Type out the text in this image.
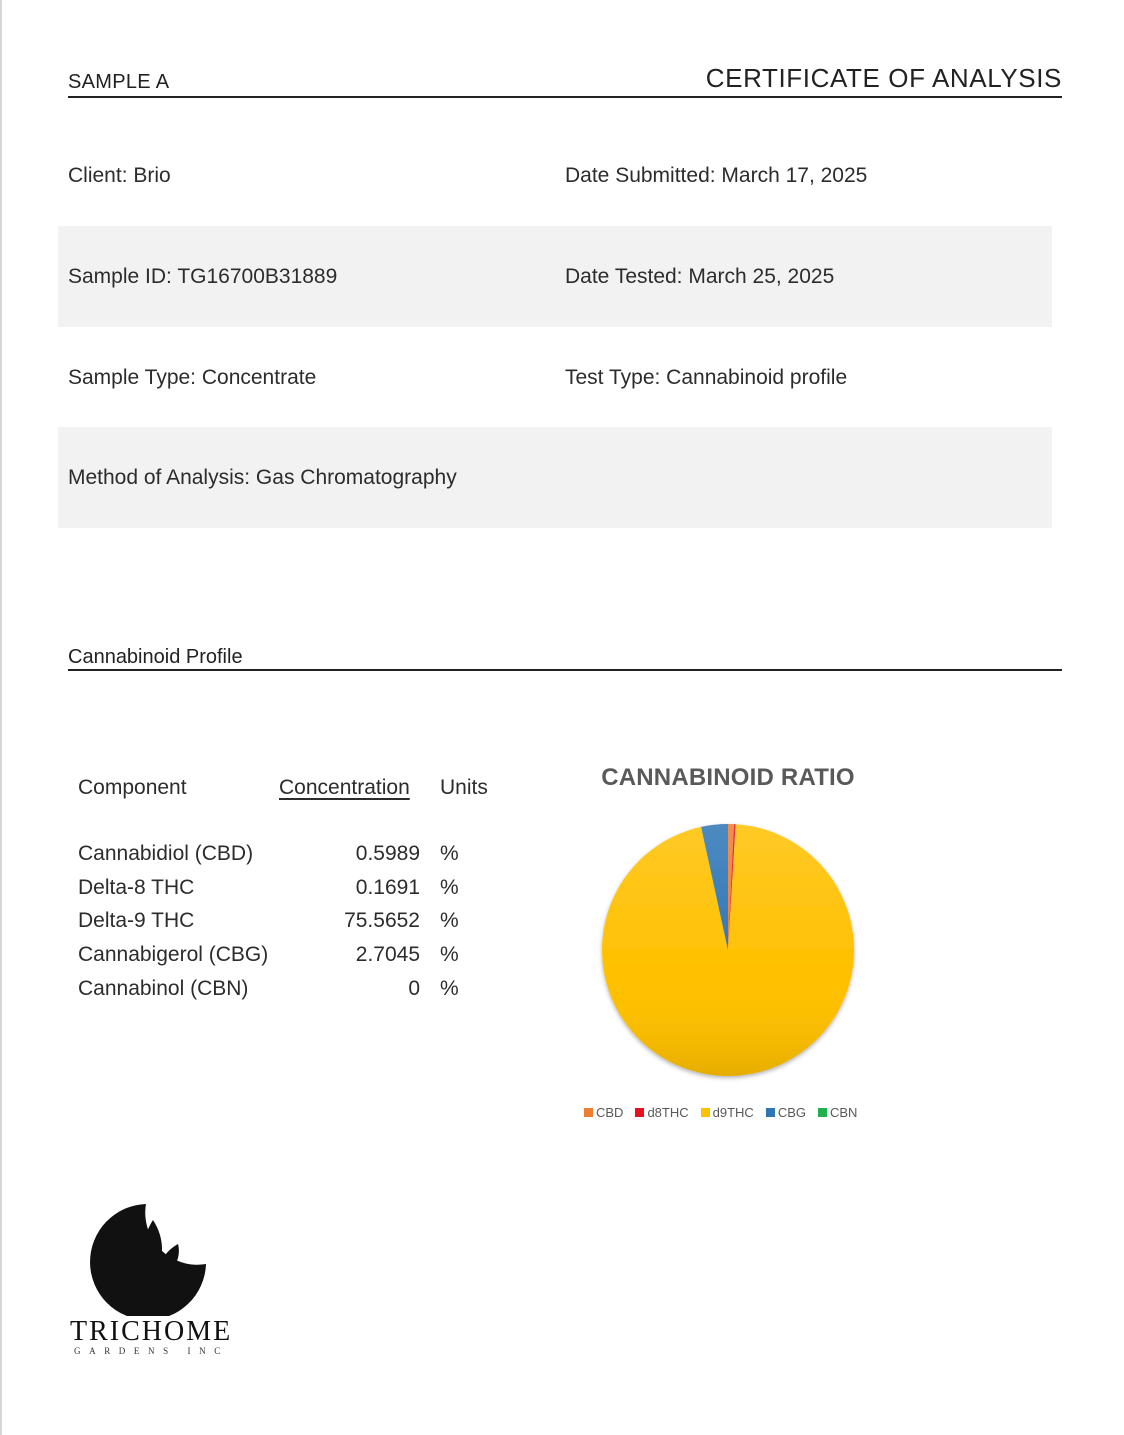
SAMPLE A	CERTIFICATE OF ANALYSIS
Client: Brio	Date Submitted: March 17, 2025
Sample ID: TG16700B31889	Date Tested: March 25, 2025
Sample Type: Concentrate	Test Type: Cannabinoid profile
Method of Analysis: Gas Chromatography
Cannabinoid Profile
Component	Concentration Units
Cannabidiol (CBD)	0.5989 %
Delta-8 THC	0.1691 %
Delta-9 THC	75.5652 %
Cannabigerol (CBG)	2.7045 %
Cannabinol (CBN)	0 %
CANNABINOID RATIO
CBD d8THC d9THC CBG CBN
TRICHOME
GARDENS INC
